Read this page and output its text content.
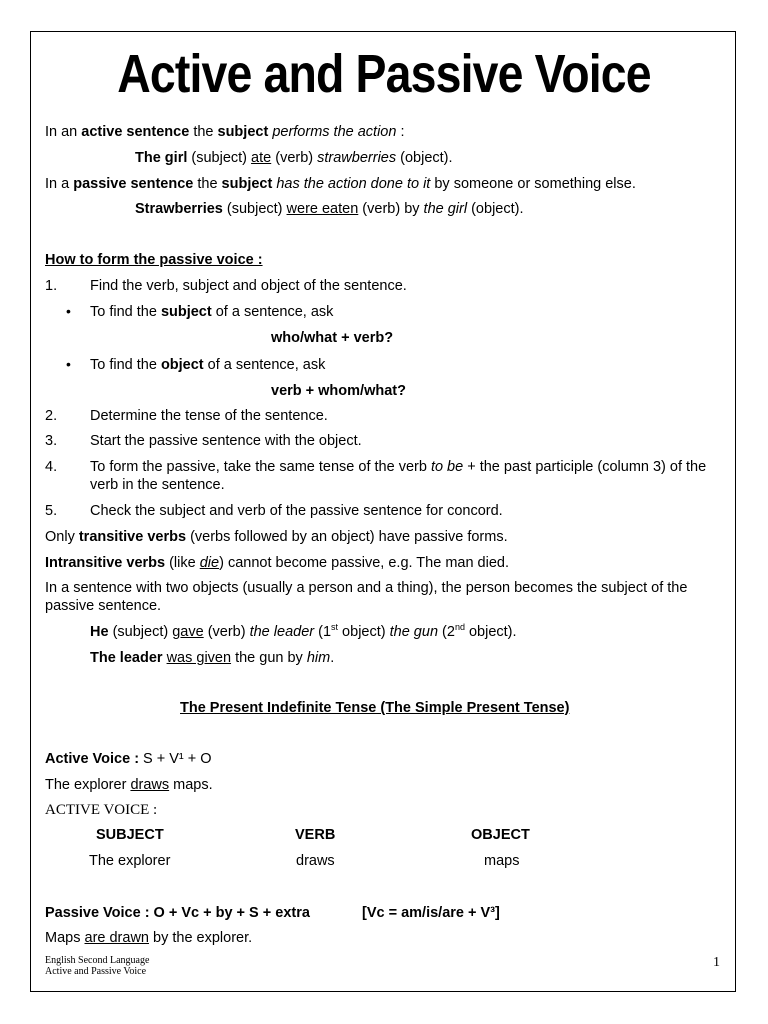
Active and Passive Voice
In an active sentence the subject performs the action :
The girl (subject) ate (verb) strawberries (object).
In a passive sentence the subject has the action done to it by someone or something else.
Strawberries (subject) were eaten (verb) by the girl (object).
How to form the passive voice :
1. Find the verb, subject and object of the sentence.
• To find the subject of a sentence, ask
who/what + verb?
• To find the object of a sentence, ask
verb + whom/what?
2. Determine the tense of the sentence.
3. Start the passive sentence with the object.
4. To form the passive, take the same tense of the verb to be + the past participle (column 3) of the verb in the sentence.
5. Check the subject and verb of the passive sentence for concord.
Only transitive verbs (verbs followed by an object) have passive forms.
Intransitive verbs (like die) cannot become passive, e.g. The man died.
In a sentence with two objects (usually a person and a thing), the person becomes the subject of the passive sentence.
He (subject) gave (verb) the leader (1st object) the gun (2nd object).
The leader was given the gun by him.
The Present Indefinite Tense (The Simple Present Tense)
Active Voice : S + V¹ + O
The explorer draws maps.
ACTIVE VOICE :
SUBJECT	VERB	OBJECT
The explorer	draws	maps
Passive Voice : O + Vc + by + S + extra	[Vc = am/is/are + V³]
Maps are drawn by the explorer.
English Second Language
Active and Passive Voice
1
